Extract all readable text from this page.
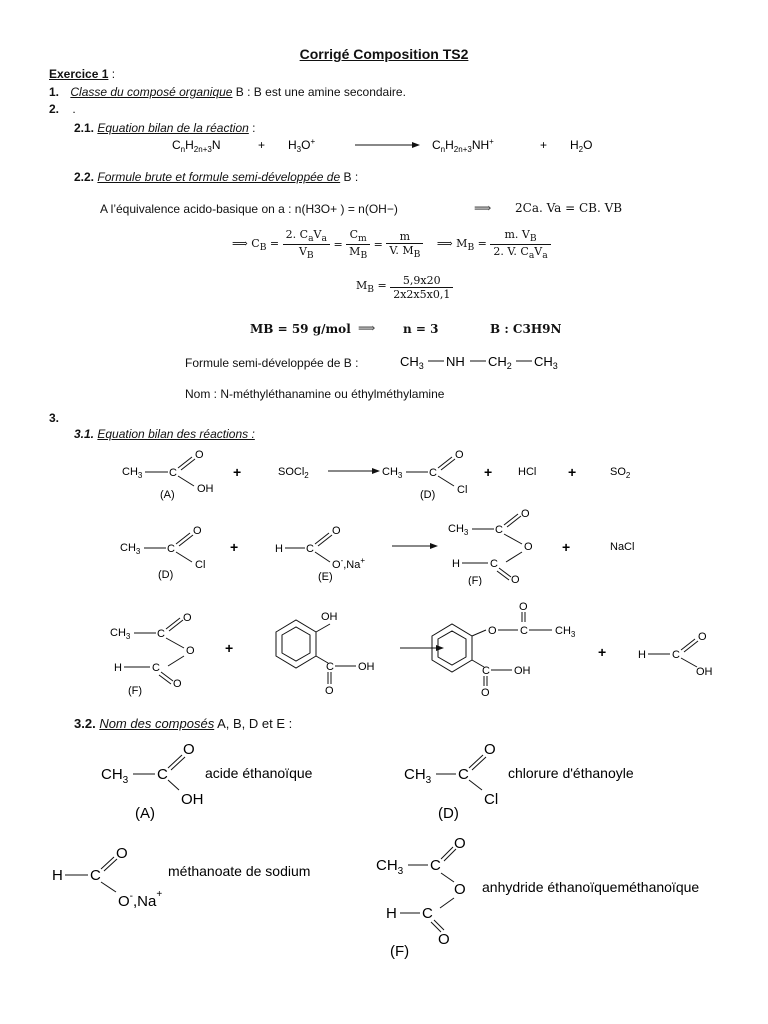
Corrigé Composition TS2
Exercice 1 :
1. Classe du composé organique B : B est une amine secondaire.
2. .
2.1. Equation bilan de la réaction :
$C_nH_{2n+3}N$	+ $H_3O^+$	$C_nH_{2n+3}NH^+$	+ $H_2O$
2.2. Formule brute et formule semi-développée de B :
A l’équivalence acido-basique on a : n(H3O+ ) = n(OH−)	⟹ 2Ca. Va = CB. VB
⟹ $C_B = \frac{2. C_aV_a}{V_B} = \frac{C_m}{M_B} = \frac{m}{V. M_B}$ ⟹ $M_B = \frac{m. V_B}{2. V. C_aV_a}$
$M_B = \frac{5,9x20}{2x2x5x0,1}$
MB = 59 g/mol ⟹ n = 3	B : C3H9N
Formule semi-développée de B :	$CH_3$ NH $CH_2$ $CH_3$
Nom : N-méthyléthanamine ou éthylméthylamine
3.
3.1. Equation bilan des réactions :
$CH_3$ C
O
OH
(A)
+	SOCl$_2$	$CH_3$ C
O
Cl
(D)
+ HCl +	$SO_2$
$CH_3$ C
O
Cl
(D)
+	H C
O
O-,Na+
(E)
$CH_3$ C
O
O
H	C
O
(F)
+	NaCl
$CH_3$ C
O
O
H	C
O
(F)
+
OH
C OH
O
O C $CH_3$
O
C OH
O
+	H C
O
OH
3.2. Nom des composés A, B, D et E :
$CH_3$ C
O
OH
(A)
acide éthanoïque	$CH_3$ C
O
Cl
(D)
chlorure d'éthanoyle
H C
O
O-,Na+
méthanoate de sodium	$CH_3$ C
O
O
H C
O
(F)
anhydride éthanoïqueméthanoïque
